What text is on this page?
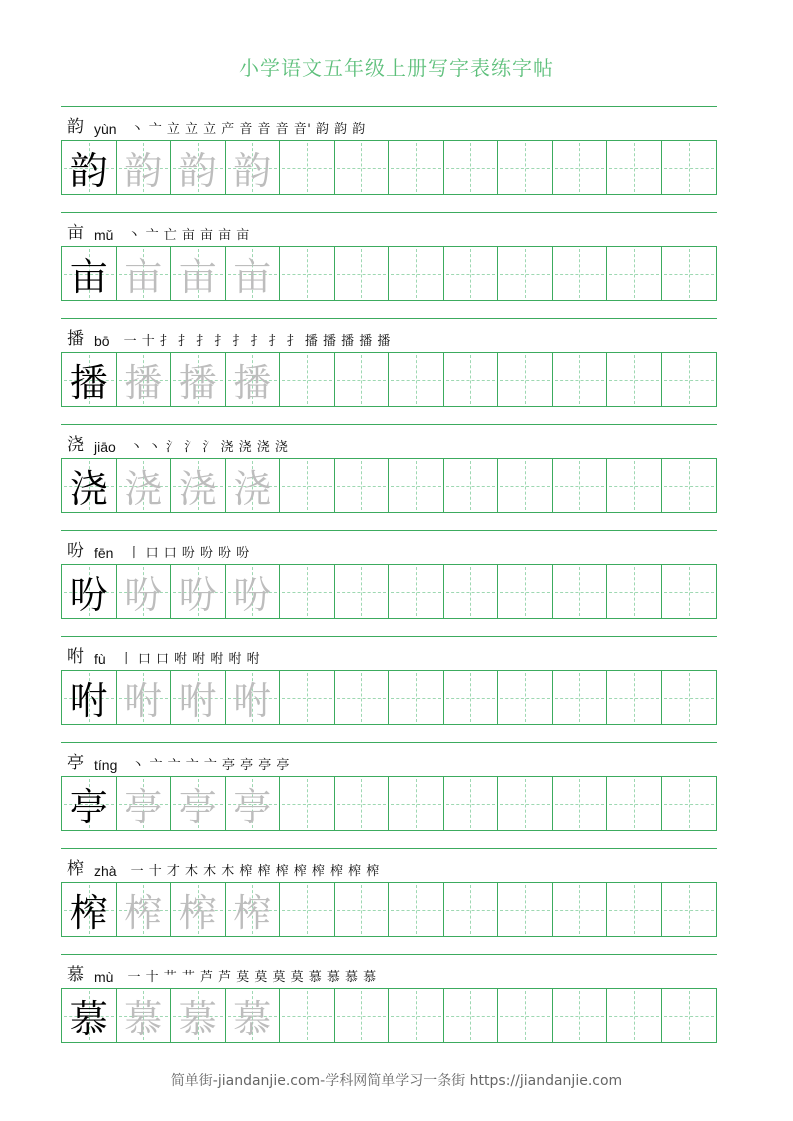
小学语文五年级上册写字表练字帖
韵 yùn 丶 亠 立 立 立 产 音 音 音 音' 韵 韵 韵
韵 韵 韵 韵
亩 mǔ 丶 亠 亡 亩 亩 亩 亩
亩 亩 亩 亩
播 bō 一 十 扌 扌 扌 扌 扌 扌 扌 扌 播 播 播 播 播
播 播 播 播
浇 jiāo 丶 丶 氵 氵 氵 浇 浇 浇 浇
浇 浇 浇 浇
吩 fēn 丨 口 口 吩 吩 吩 吩
吩 吩 吩 吩
咐 fù 丨 口 口 咐 咐 咐 咐 咐
咐 咐 咐 咐
亭 tíng 丶 亠 亠 亠 亠 亭 亭 亭 亭
亭 亭 亭 亭
榨 zhà 一 十 才 木 木 木 榨 榨 榨 榨 榨 榨 榨 榨
榨 榨 榨 榨
慕 mù 一 十 艹 艹 芦 芦 莫 莫 莫 莫 慕 慕 慕 慕
慕 慕 慕 慕
简单街-jiandanjie.com-学科网简单学习一条街 https://jiandanjie.com
